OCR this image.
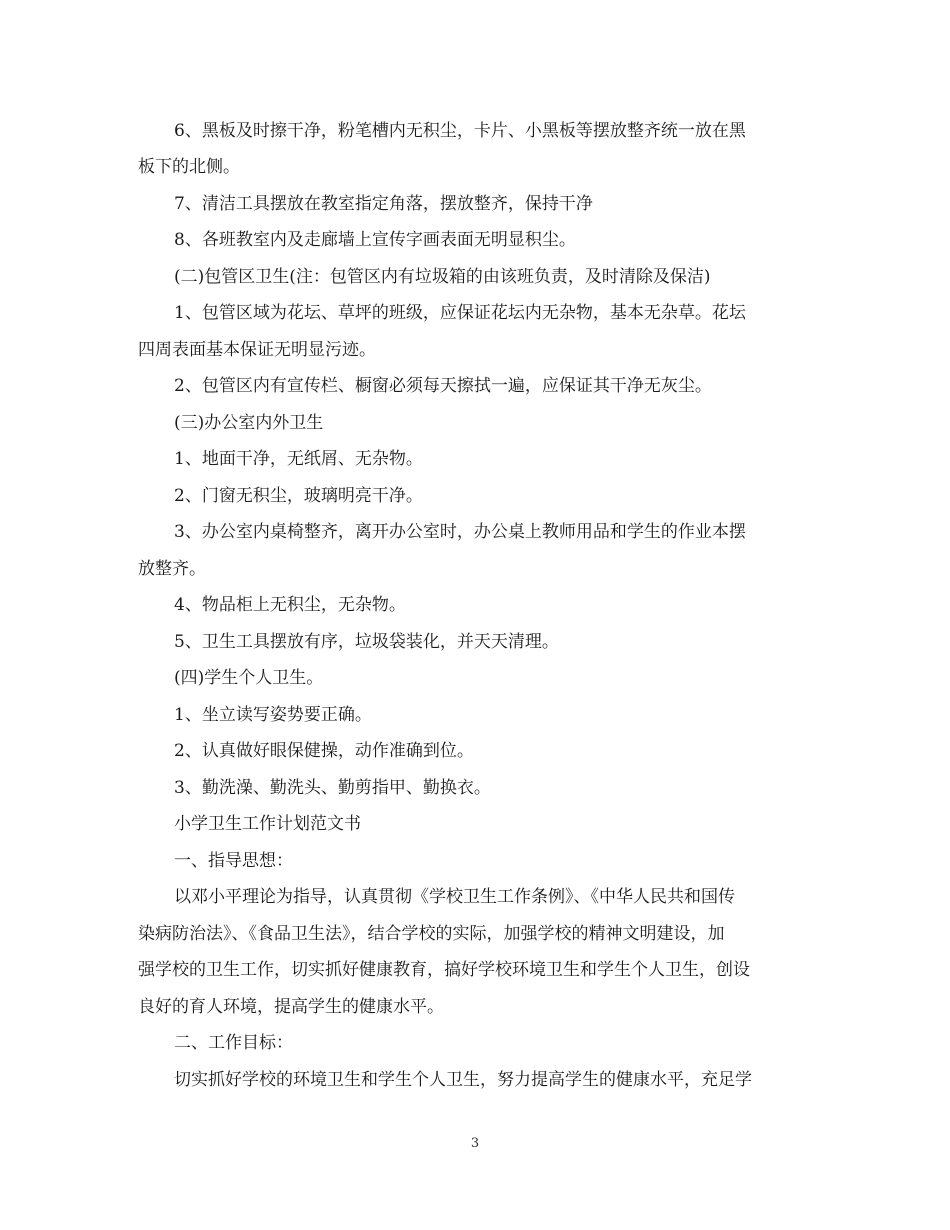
6、黑板及时擦干净，粉笔槽内无积尘，卡片、小黑板等摆放整齐统一放在黑
板下的北侧。
7、清洁工具摆放在教室指定角落，摆放整齐，保持干净
8、各班教室内及走廊墙上宣传字画表面无明显积尘。
(二)包管区卫生(注：包管区内有垃圾箱的由该班负责，及时清除及保洁)
1、包管区域为花坛、草坪的班级，应保证花坛内无杂物，基本无杂草。花坛
四周表面基本保证无明显污迹。
2、包管区内有宣传栏、橱窗必须每天擦拭一遍，应保证其干净无灰尘。
(三)办公室内外卫生
1、地面干净，无纸屑、无杂物。
2、门窗无积尘，玻璃明亮干净。
3、办公室内桌椅整齐，离开办公室时，办公桌上教师用品和学生的作业本摆
放整齐。
4、物品柜上无积尘，无杂物。
5、卫生工具摆放有序，垃圾袋装化，并天天清理。
(四)学生个人卫生。
1、坐立读写姿势要正确。
2、认真做好眼保健操，动作准确到位。
3、勤洗澡、勤洗头、勤剪指甲、勤换衣。
小学卫生工作计划范文书
一、指导思想：
以邓小平理论为指导，认真贯彻《学校卫生工作条例》、《中华人民共和国传
染病防治法》、《食品卫生法》，结合学校的实际，加强学校的精神文明建设，加
强学校的卫生工作，切实抓好健康教育，搞好学校环境卫生和学生个人卫生，创设
良好的育人环境，提高学生的健康水平。
二、工作目标：
切实抓好学校的环境卫生和学生个人卫生，努力提高学生的健康水平，充足学
3
